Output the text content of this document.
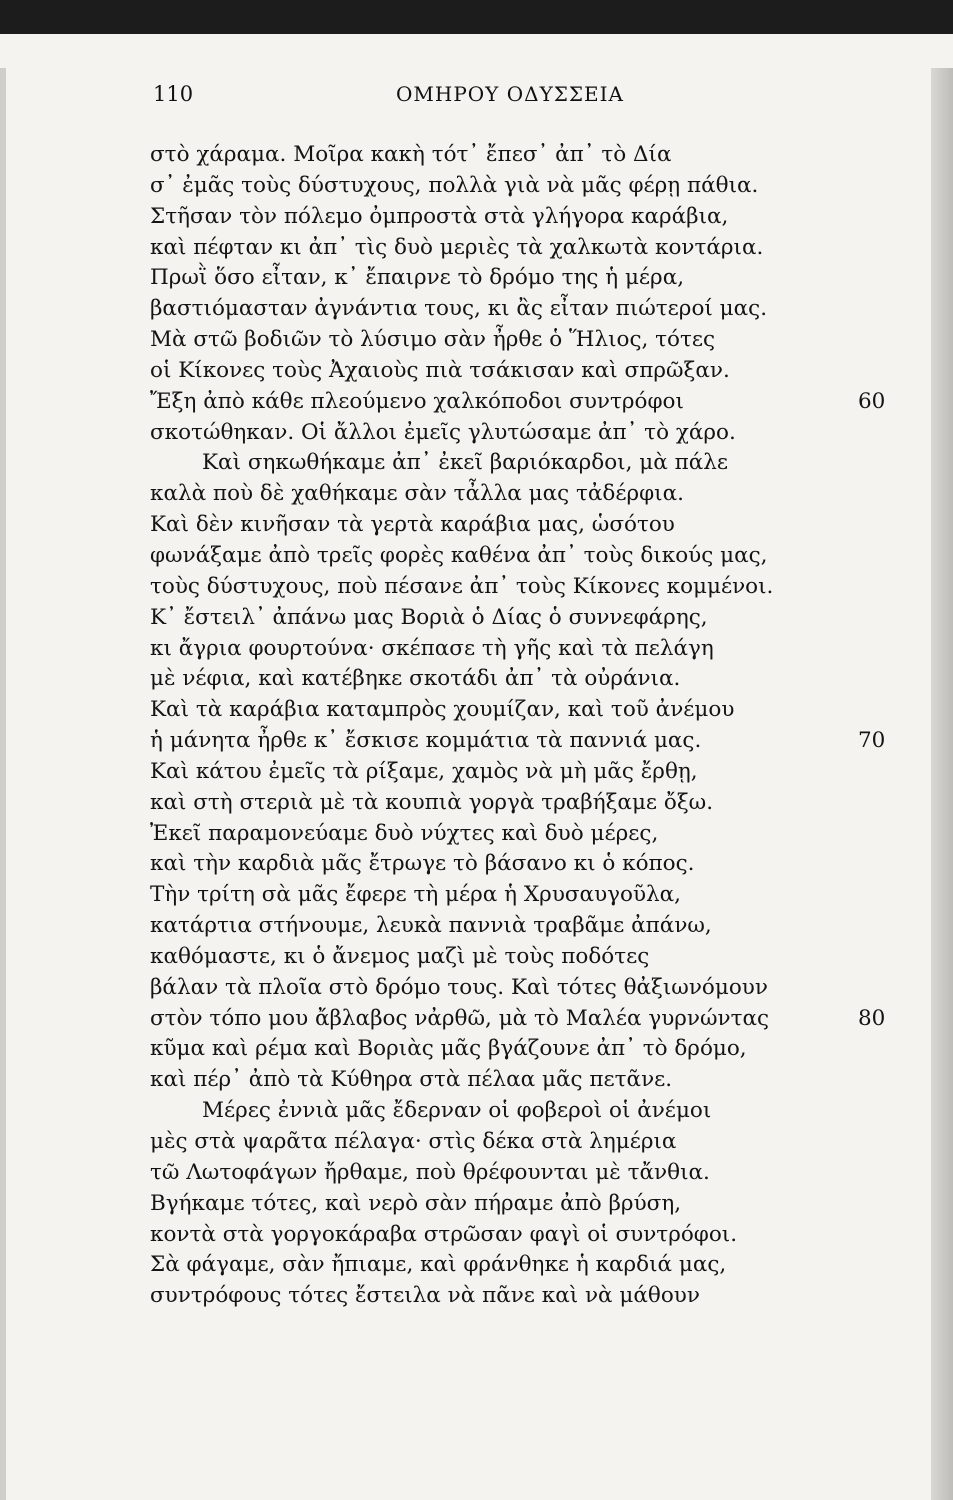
110	ΟΜΗΡΟΥ ΟΔΥΣΣΕΙΑ
στὸ χάραμα. Μοῖρα κακὴ τότ᾿ ἔπεσ᾿ ἀπ᾿ τὸ Δία
σ᾿ ἐμᾶς τοὺς δύστυχους, πολλὰ γιὰ νὰ μᾶς φέρῃ πάθια.
Στῆσαν τὸν πόλεμο ὀμπροστὰ στὰ γλήγορα καράβια,
καὶ πέφταν κι ἀπ᾿ τὶς δυὸ μεριὲς τὰ χαλκωτὰ κοντάρια.
Πρωῒ ὅσο εἶταν, κ᾿ ἔπαιρνε τὸ δρόμο της ἡ μέρα,
βαστιόμασταν ἀγνάντια τους, κι ἂς εἶταν πιώτεροί μας.
Μὰ στῶ βοδιῶν τὸ λύσιμο σὰν ἦρθε ὁ Ἥλιος, τότες
οἱ Κίκονες τοὺς Ἀχαιοὺς πιὰ τσάκισαν καὶ σπρῶξαν.
Ἔξη ἀπὸ κάθε πλεούμενο χαλκόποδοι συντρόφοι	60
σκοτώθηκαν. Οἱ ἄλλοι ἐμεῖς γλυτώσαμε ἀπ᾿ τὸ χάρο.
Καὶ σηκωθήκαμε ἀπ᾿ ἐκεῖ βαριόκαρδοι, μὰ πάλε
καλὰ ποὺ δὲ χαθήκαμε σὰν τἆλλα μας τἀδέρφια.
Καὶ δὲν κινῆσαν τὰ γερτὰ καράβια μας, ὡσότου
φωνάξαμε ἀπὸ τρεῖς φορὲς καθένα ἀπ᾿ τοὺς δικούς μας,
τοὺς δύστυχους, ποὺ πέσανε ἀπ᾿ τοὺς Κίκονες κομμένοι.
Κ᾿ ἔστειλ᾿ ἀπάνω μας Βοριὰ ὁ Δίας ὁ συννεφάρης,
κι ἄγρια φουρτούνα· σκέπασε τὴ γῆς καὶ τὰ πελάγη
μὲ νέφια, καὶ κατέβηκε σκοτάδι ἀπ᾿ τὰ οὐράνια.
Καὶ τὰ καράβια καταμπρὸς χουμίζαν, καὶ τοῦ ἀνέμου
ἡ μάνητα ἦρθε κ᾿ ἔσκισε κομμάτια τὰ παννιά μας.	70
Καὶ κάτου ἐμεῖς τὰ ρίξαμε, χαμὸς νὰ μὴ μᾶς ἔρθῃ,
καὶ στὴ στεριὰ μὲ τὰ κουπιὰ γοργὰ τραβήξαμε ὄξω.
Ἐκεῖ παραμονεύαμε δυὸ νύχτες καὶ δυὸ μέρες,
καὶ τὴν καρδιὰ μᾶς ἔτρωγε τὸ βάσανο κι ὁ κόπος.
Τὴν τρίτη σὰ μᾶς ἔφερε τὴ μέρα ἡ Χρυσαυγοῦλα,
κατάρτια στήνουμε, λευκὰ παννιὰ τραβᾶμε ἀπάνω,
καθόμαστε, κι ὁ ἄνεμος μαζὶ μὲ τοὺς ποδότες
βάλαν τὰ πλοῖα στὸ δρόμο τους. Καὶ τότες θἀξιωνόμουν
στὸν τόπο μου ἄβλαβος νἀρθῶ, μὰ τὸ Μαλέα γυρνώντας	80
κῦμα καὶ ρέμα καὶ Βοριὰς μᾶς βγάζουνε ἀπ᾿ τὸ δρόμο,
καὶ πέρ᾿ ἀπὸ τὰ Κύθηρα στὰ πέλαα μᾶς πετᾶνε.
Μέρες ἐννιὰ μᾶς ἔδερναν οἱ φοβεροὶ οἱ ἀνέμοι
μὲς στὰ ψαρᾶτα πέλαγα· στὶς δέκα στὰ λημέρια
τῶ Λωτοφάγων ἤρθαμε, ποὺ θρέφουνται μὲ τἄνθια.
Βγήκαμε τότες, καὶ νερὸ σὰν πήραμε ἀπὸ βρύση,
κοντὰ στὰ γοργοκάραβα στρῶσαν φαγὶ οἱ συντρόφοι.
Σὰ φάγαμε, σὰν ἤπιαμε, καὶ φράνθηκε ἡ καρδιά μας,
συντρόφους τότες ἔστειλα νὰ πᾶνε καὶ νὰ μάθουν
